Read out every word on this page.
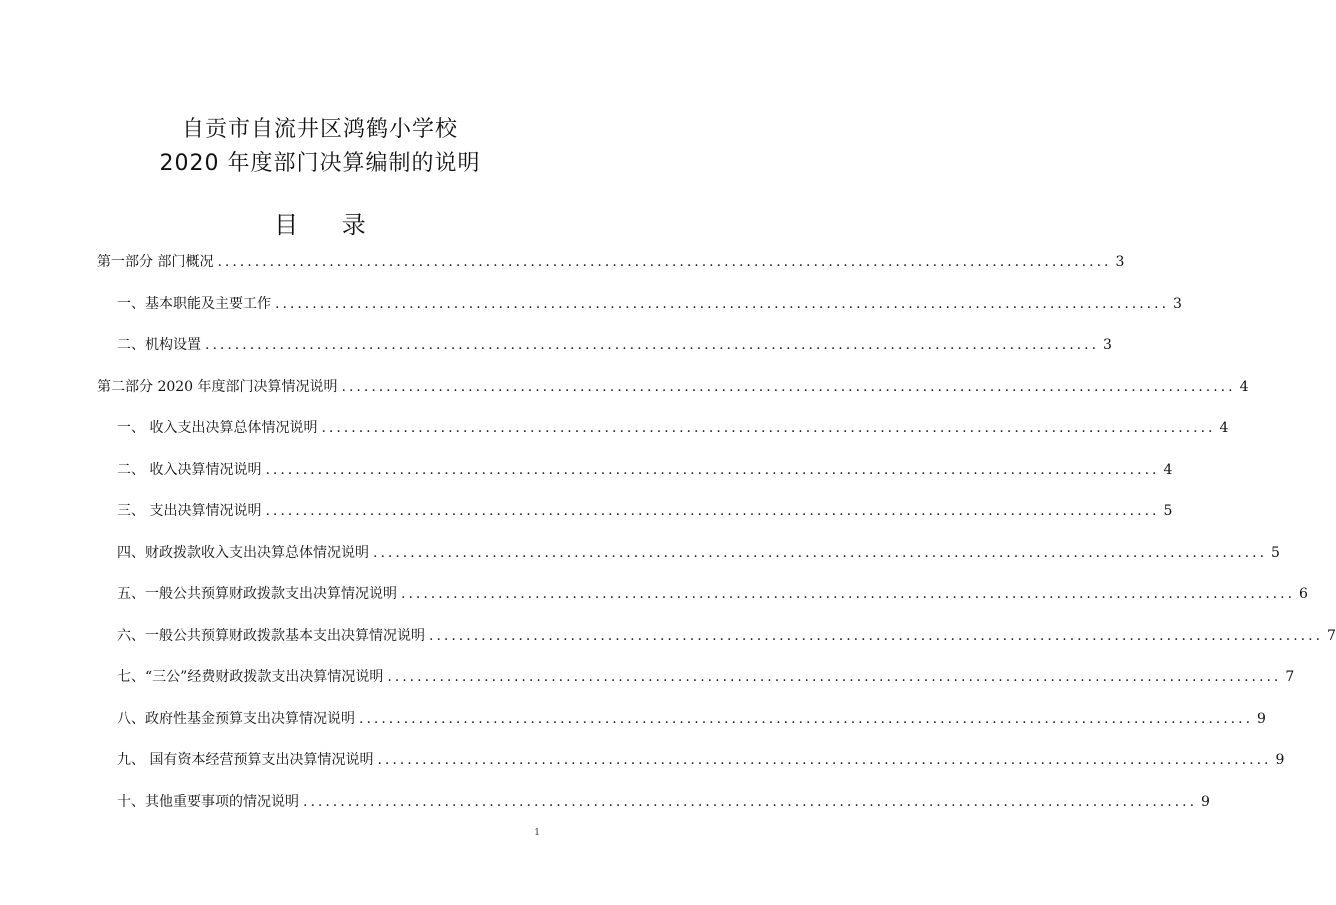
自贡市自流井区鸿鹤小学校
2020 年度部门决算编制的说明
目 录
第一部分 部门概况 ........................................................................................................................ 3
一、基本职能及主要工作 ........................................................................................................................ 3
二、机构设置 ........................................................................................................................ 3
第二部分 2020 年度部门决算情况说明 ........................................................................................................................ 4
一、 收入支出决算总体情况说明 ........................................................................................................................ 4
二、 收入决算情况说明 ........................................................................................................................ 4
三、 支出决算情况说明 ........................................................................................................................ 5
四、财政拨款收入支出决算总体情况说明 ........................................................................................................................ 5
五、一般公共预算财政拨款支出决算情况说明 ........................................................................................................................ 6
六、一般公共预算财政拨款基本支出决算情况说明 ........................................................................................................................ 7
七、“三公”经费财政拨款支出决算情况说明 ........................................................................................................................ 7
八、政府性基金预算支出决算情况说明 ........................................................................................................................ 9
九、 国有资本经营预算支出决算情况说明 ........................................................................................................................ 9
十、其他重要事项的情况说明 ........................................................................................................................ 9
1
